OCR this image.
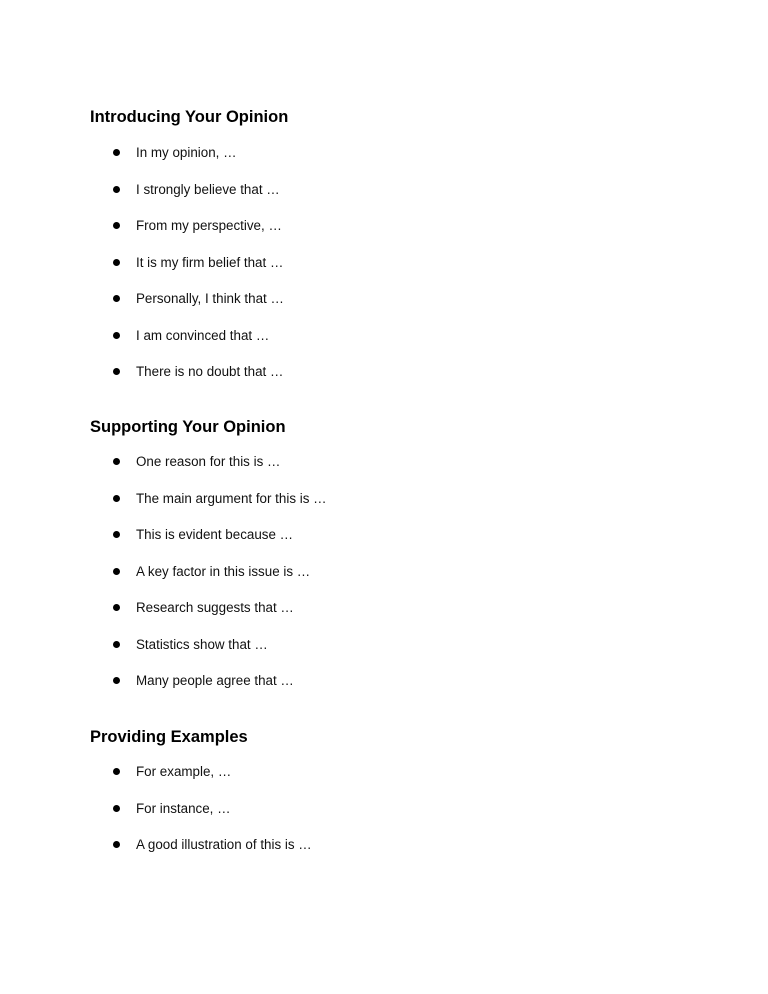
Introducing Your Opinion
In my opinion, …
I strongly believe that …
From my perspective, …
It is my firm belief that …
Personally, I think that …
I am convinced that …
There is no doubt that …
Supporting Your Opinion
One reason for this is …
The main argument for this is …
This is evident because …
A key factor in this issue is …
Research suggests that …
Statistics show that …
Many people agree that …
Providing Examples
For example, …
For instance, …
A good illustration of this is …
